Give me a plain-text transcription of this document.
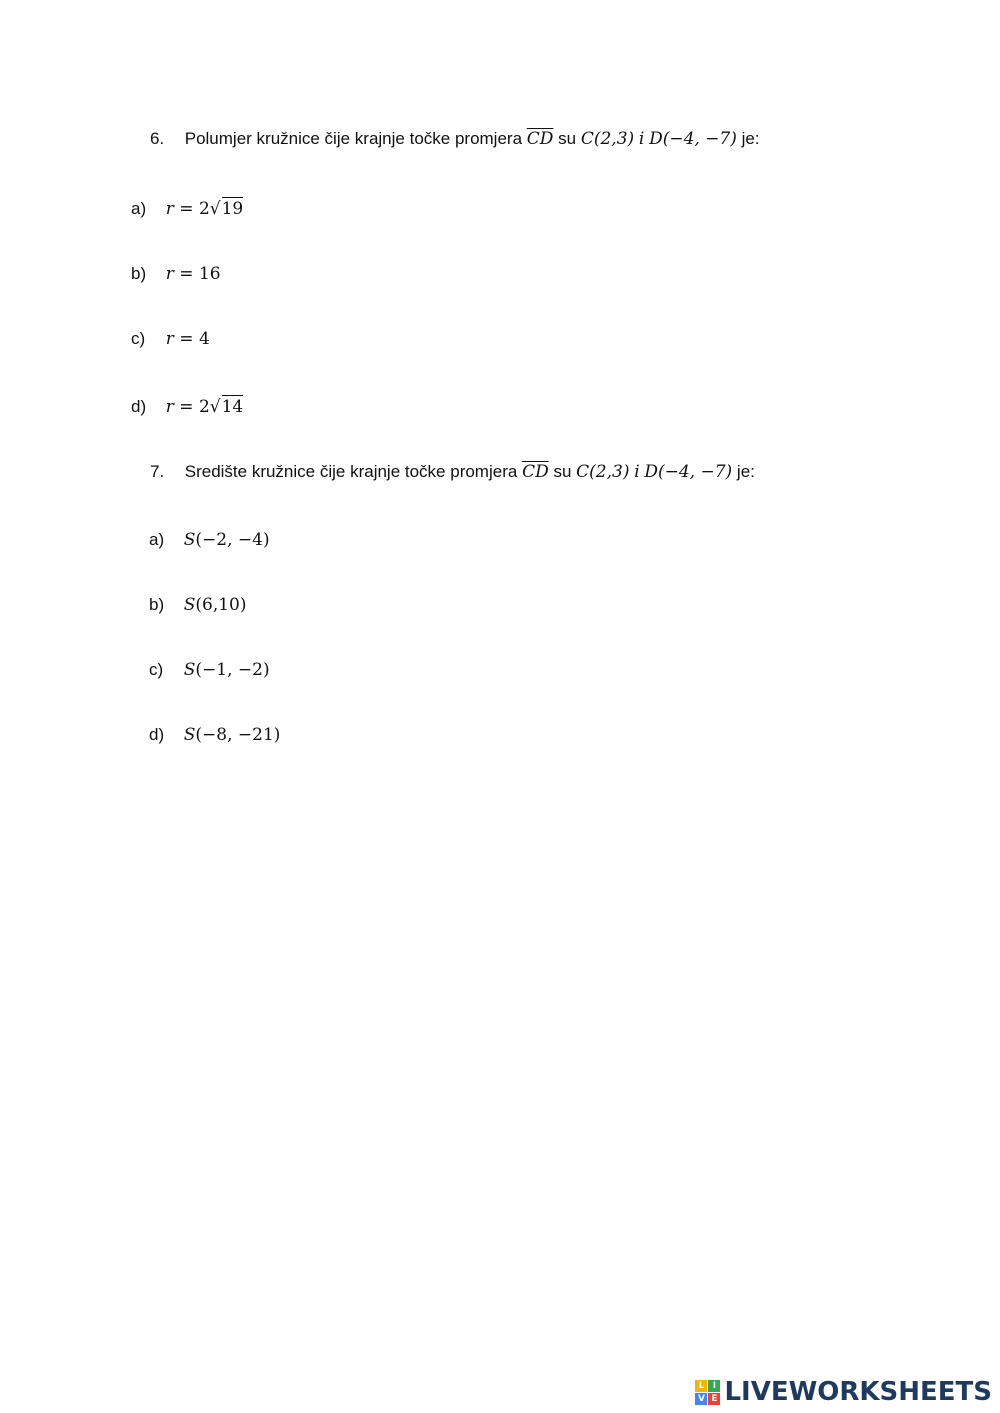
6. Polumjer kružnice čije krajnje točke promjera $\overline{CD}$ su C(2,3) i D(−4, −7) je:
a) r = 2√19
b) r = 16
c) r = 4
d) r = 2√14
7. Središte kružnice čije krajnje točke promjera $\overline{CD}$ su C(2,3) i D(−4, −7) je:
a) S(−2, −4)
b) S(6,10)
c) S(−1, −2)
d) S(−8, −21)
L I
V E LIVEWORKSHEETS
